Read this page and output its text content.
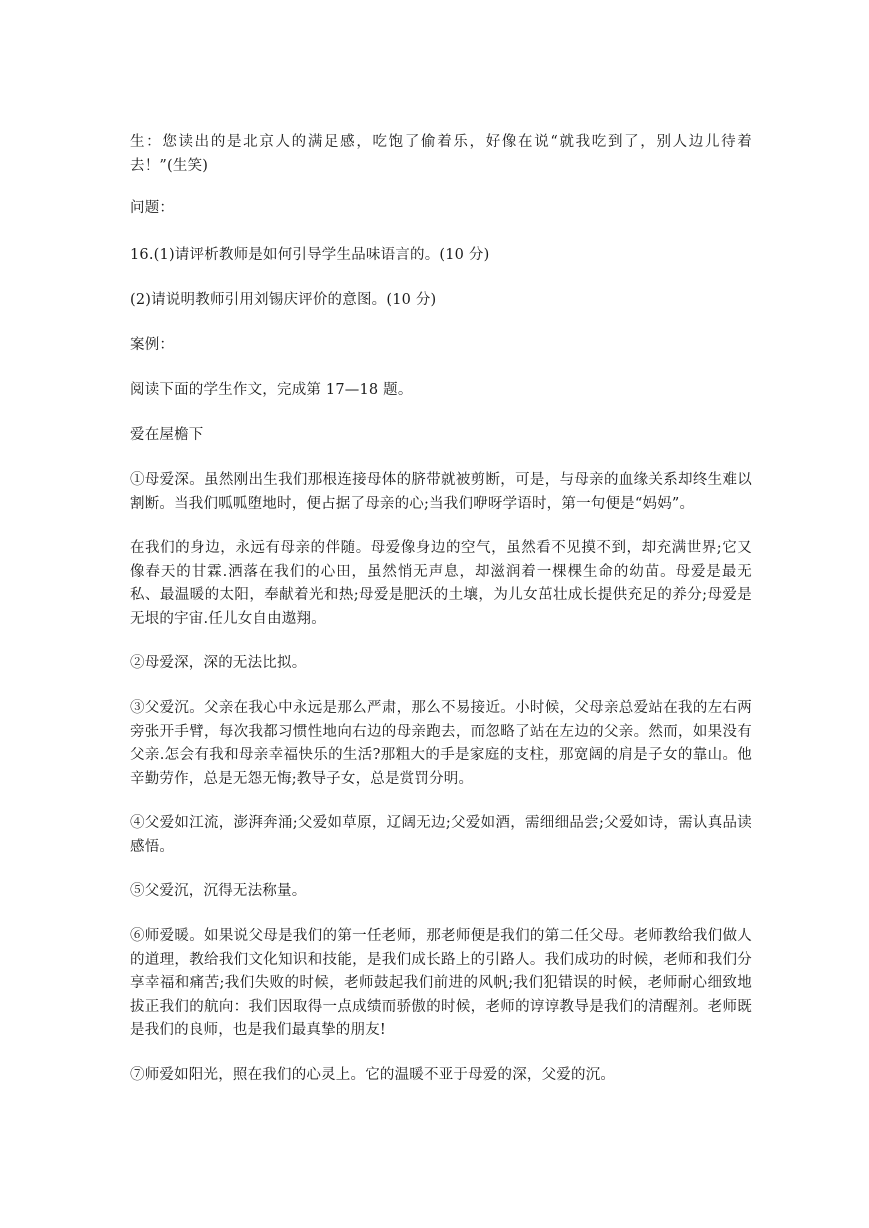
生：您读出的是北京人的满足感，吃饱了偷着乐，好像在说“就我吃到了，别人边儿待着去！”(生笑)

问题：

16.(1)请评析教师是如何引导学生品味语言的。(10 分)

(2)请说明教师引用刘锡庆评价的意图。(10 分)

案例：

阅读下面的学生作文，完成第 17—18 题。

爱在屋檐下

①母爱深。虽然刚出生我们那根连接母体的脐带就被剪断，可是，与母亲的血缘关系却终生难以割断。当我们呱呱堕地时，便占据了母亲的心;当我们咿呀学语时，第一句便是“妈妈”。

在我们的身边，永远有母亲的伴随。母爱像身边的空气，虽然看不见摸不到，却充满世界;它又像春天的甘霖.洒落在我们的心田，虽然悄无声息，却滋润着一棵棵生命的幼苗。母爱是最无私、最温暖的太阳，奉献着光和热;母爱是肥沃的土壤，为儿女茁壮成长提供充足的养分;母爱是无垠的宇宙.任儿女自由遨翔。

②母爱深，深的无法比拟。

③父爱沉。父亲在我心中永远是那么严肃，那么不易接近。小时候，父母亲总爱站在我的左右两旁张开手臂，每次我都习惯性地向右边的母亲跑去，而忽略了站在左边的父亲。然而，如果没有父亲.怎会有我和母亲幸福快乐的生活?那粗大的手是家庭的支柱，那宽阔的肩是子女的靠山。他辛勤劳作，总是无怨无悔;教导子女，总是赏罚分明。

④父爱如江流，澎湃奔涌;父爱如草原，辽阔无边;父爱如酒，需细细品尝;父爱如诗，需认真品读感悟。

⑤父爱沉，沉得无法称量。

⑥师爱暖。如果说父母是我们的第一任老师，那老师便是我们的第二任父母。老师教给我们做人的道理，教给我们文化知识和技能，是我们成长路上的引路人。我们成功的时候，老师和我们分享幸福和痛苦;我们失败的时候，老师鼓起我们前进的风帆;我们犯错误的时候，老师耐心细致地拔正我们的航向：我们因取得一点成绩而骄傲的时候，老师的谆谆教导是我们的清醒剂。老师既是我们的良师，也是我们最真挚的朋友!

⑦师爱如阳光，照在我们的心灵上。它的温暖不亚于母爱的深，父爱的沉。
